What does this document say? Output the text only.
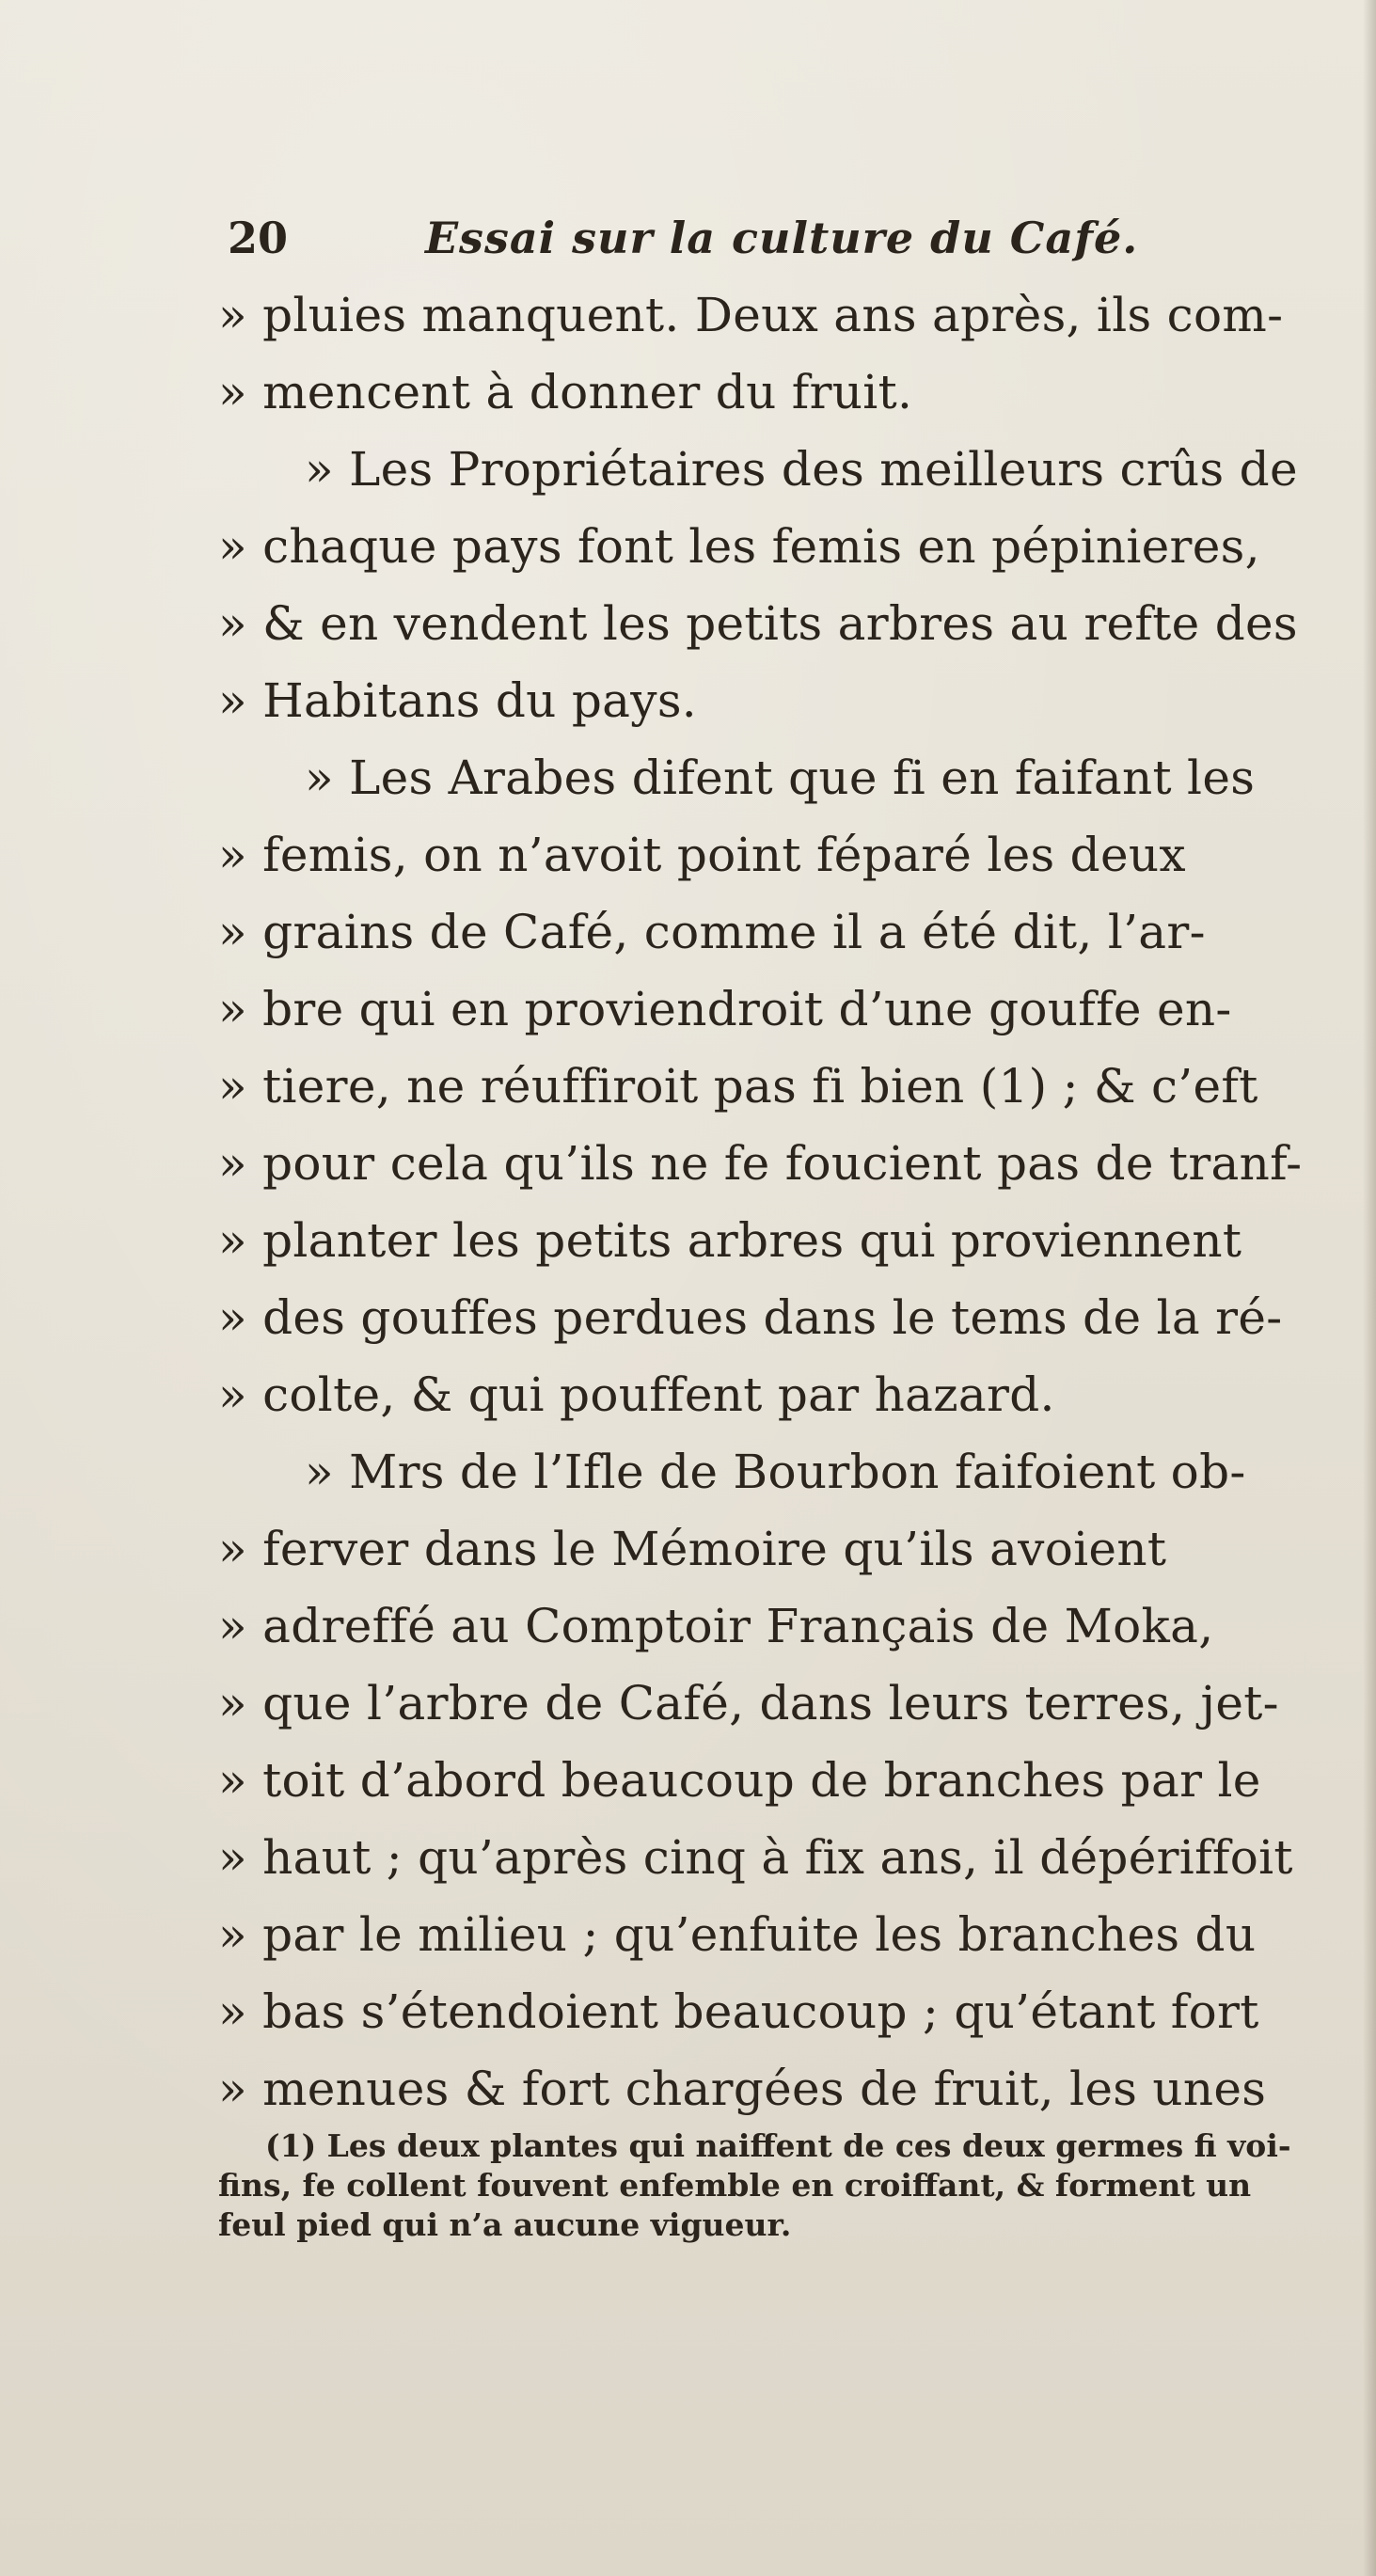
20	Essai sur la culture du Café.
» pluies manquent. Deux ans après, ils com-
» mencent à donner du fruit.
» Les Propriétaires des meilleurs crûs de
» chaque pays font les femis en pépinieres,
» & en vendent les petits arbres au refte des
» Habitans du pays.
» Les Arabes difent que fi en faifant les
» femis, on n’avoit point féparé les deux
» grains de Café, comme il a été dit, l’ar-
» bre qui en proviendroit d’une gouffe en-
» tiere, ne réuffiroit pas fi bien (1) ; & c’eft
» pour cela qu’ils ne fe foucient pas de tranf-
» planter les petits arbres qui proviennent
» des gouffes perdues dans le tems de la ré-
» colte, & qui pouffent par hazard.
» Mrs de l’Ifle de Bourbon faifoient ob-
» ferver dans le Mémoire qu’ils avoient
» adreffé au Comptoir Français de Moka,
» que l’arbre de Café, dans leurs terres, jet-
» toit d’abord beaucoup de branches par le
» haut ; qu’après cinq à fix ans, il dépériffoit
» par le milieu ; qu’enfuite les branches du
» bas s’étendoient beaucoup ; qu’étant fort
» menues & fort chargées de fruit, les unes
(1) Les deux plantes qui naiffent de ces deux germes fi voi-
fins, fe collent fouvent enfemble en croiffant, & forment un
feul pied qui n’a aucune vigueur.
